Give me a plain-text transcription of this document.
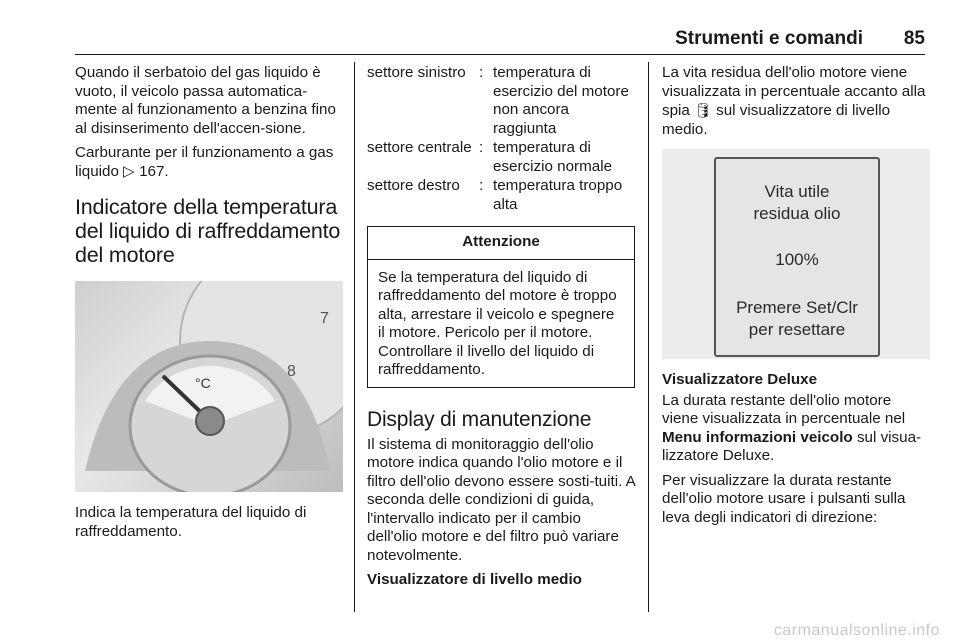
Strumenti e comandi 85

Quando il serbatoio del gas liquido è vuoto, il veicolo passa automatica-mente al funzionamento a benzina fino al disinserimento dell'accen-sione.

Carburante per il funzionamento a gas liquido ▷ 167.

Indicatore della temperatura del liquido di raffreddamento del motore
7
8
°C

Indica la temperatura del liquido di raffreddamento.

settore sinistro : temperatura di esercizio del motore non ancora raggiunta
settore centrale : temperatura di esercizio normale
settore destro	: temperatura troppo alta
Attenzione
Se la temperatura del liquido di raffreddamento del motore è troppo alta, arrestare il veicolo e spegnere il motore. Pericolo per il motore. Controllare il livello del liquido di raffreddamento.
Display di manutenzione

Il sistema di monitoraggio dell'olio motore indica quando l'olio motore e il filtro dell'olio devono essere sosti-tuiti. A seconda delle condizioni di guida, l'intervallo indicato per il cambio dell'olio motore e del filtro può variare notevolmente.

Visualizzatore di livello medio

La vita residua dell'olio motore viene visualizzata in percentuale accanto alla spia 🛢 sul visualizzatore di livello medio.

Vita utile
residua olio
100%
Premere Set/Clr
per resettare

Visualizzatore Deluxe

La durata restante dell'olio motore viene visualizzata in percentuale nel Menu informazioni veicolo sul visua-lizzatore Deluxe.

Per visualizzare la durata restante dell'olio motore usare i pulsanti sulla leva degli indicatori di direzione:

carmanualsonline.info
